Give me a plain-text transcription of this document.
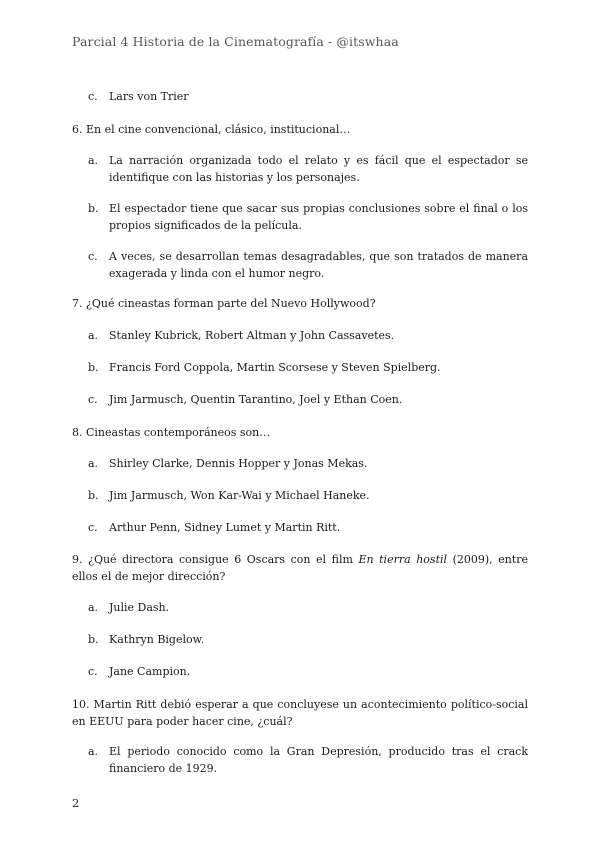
Parcial 4 Historia de la Cinematografía - @itswhaa
c.	Lars von Trier
6. En el cine convencional, clásico, institucional…
a. La narración organizada todo el relato y es fácil que el espectador se identifique con las historias y los personajes.
b. El espectador tiene que sacar sus propias conclusiones sobre el final o los propios significados de la película.
c.	A veces, se desarrollan temas desagradables, que son tratados de manera exagerada y linda con el humor negro.
7. ¿Qué cineastas forman parte del Nuevo Hollywood?
a. Stanley Kubrick, Robert Altman y John Cassavetes.
b. Francis Ford Coppola, Martin Scorsese y Steven Spielberg.
c.	Jim Jarmusch, Quentin Tarantino, Joel y Ethan Coen.
8. Cineastas contemporáneos son…
a. Shirley Clarke, Dennis Hopper y Jonas Mekas.
b. Jim Jarmusch, Won Kar-Wai y Michael Haneke.
c.	Arthur Penn, Sidney Lumet y Martin Ritt.
9. ¿Qué directora consigue 6 Oscars con el film En tierra hostil (2009), entre ellos el de mejor dirección?
a. Julie Dash.
b. Kathryn Bigelow.
c.	Jane Campion.
10. Martin Ritt debió esperar a que concluyese un acontecimiento político-social en EEUU para poder hacer cine, ¿cuál?
a. El periodo conocido como la Gran Depresión, producido tras el crack financiero de 1929.
2
